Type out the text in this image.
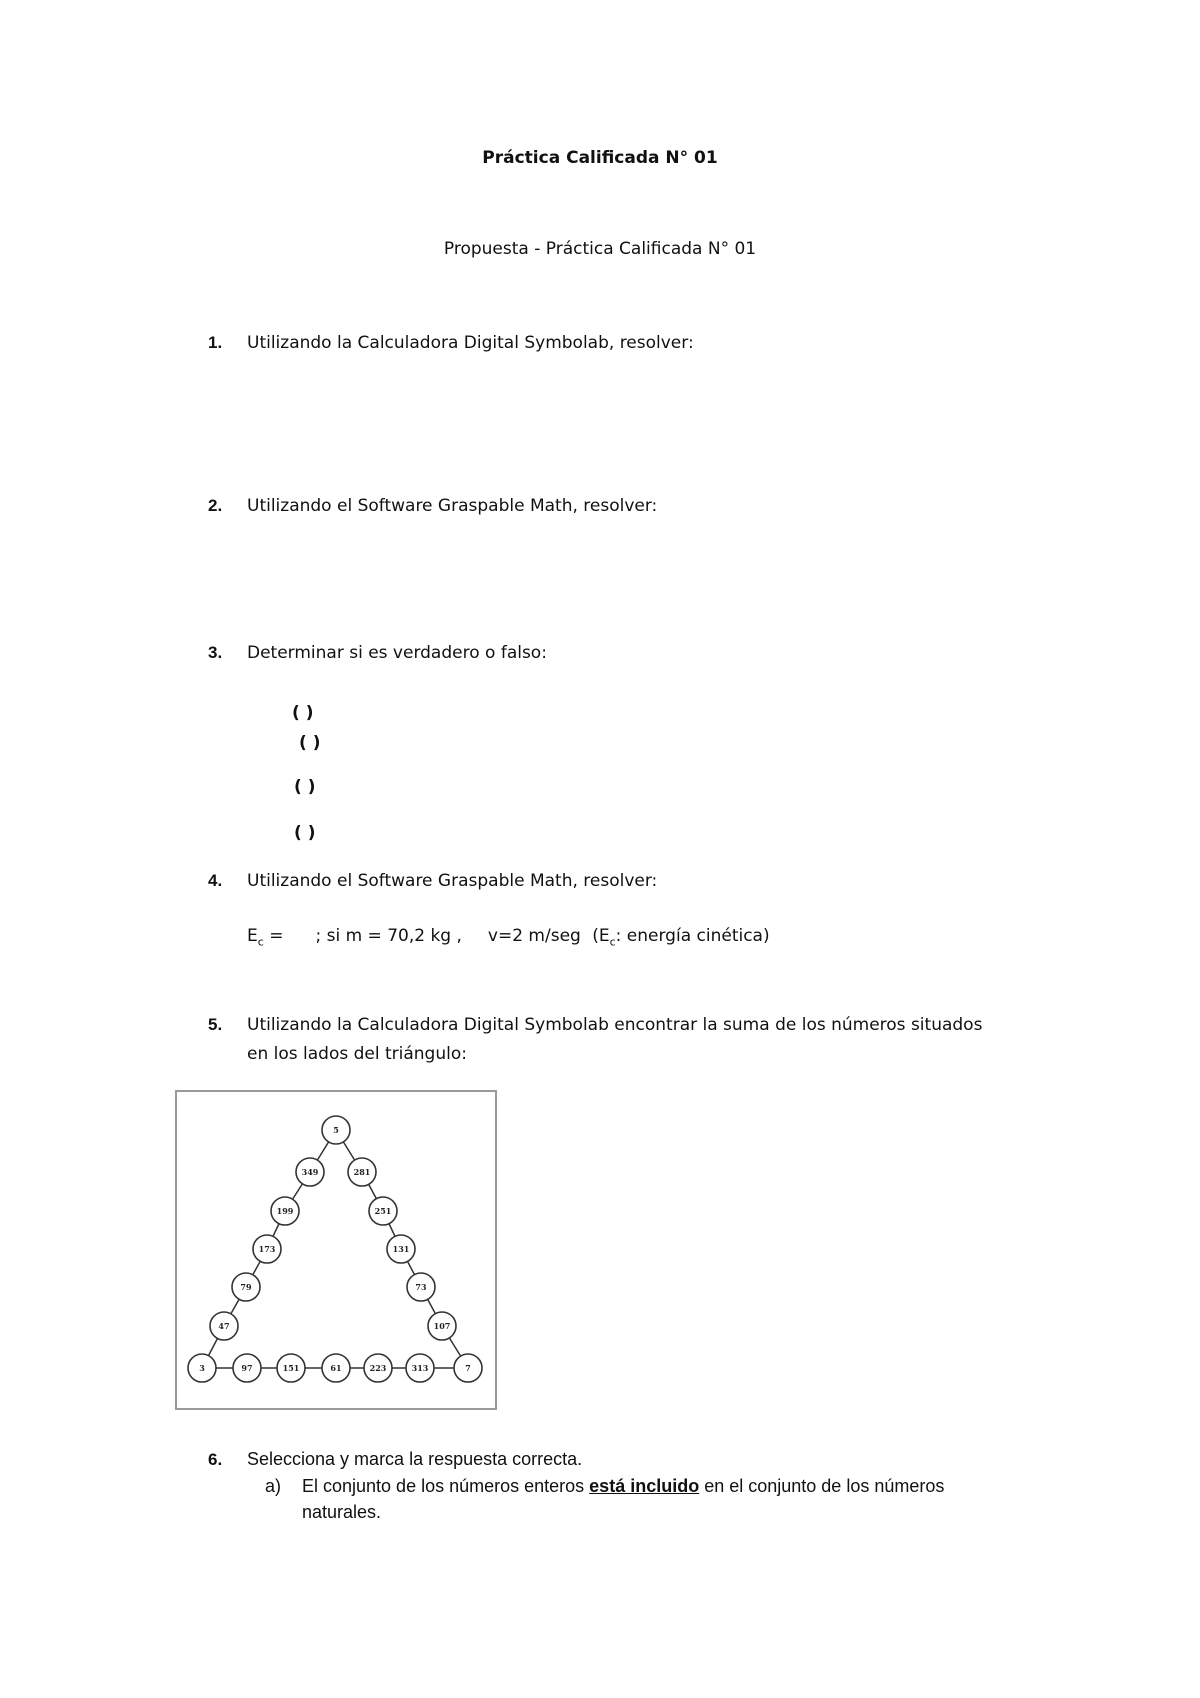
Práctica Calificada N° 01
Propuesta - Práctica Calificada N° 01
1. Utilizando la Calculadora Digital Symbolab, resolver:
2. Utilizando el Software Graspable Math, resolver:
3. Determinar si es verdadero o falso:
( )
( )
( )
( )
4. Utilizando el Software Graspable Math, resolver:
$E_c$ = ; si m = 70,2 kg , v=2 m/seg ($E_c$: energía cinética)
5. Utilizando la Calculadora Digital Symbolab encontrar la suma de los números situados
en los lados del triángulo:
5
349
199
173
79
47
281
251
131
73
107
3	97	151	61	223	313	7
6. Selecciona y marca la respuesta correcta.
a) El conjunto de los números enteros está incluido en el conjunto de los números
naturales.
